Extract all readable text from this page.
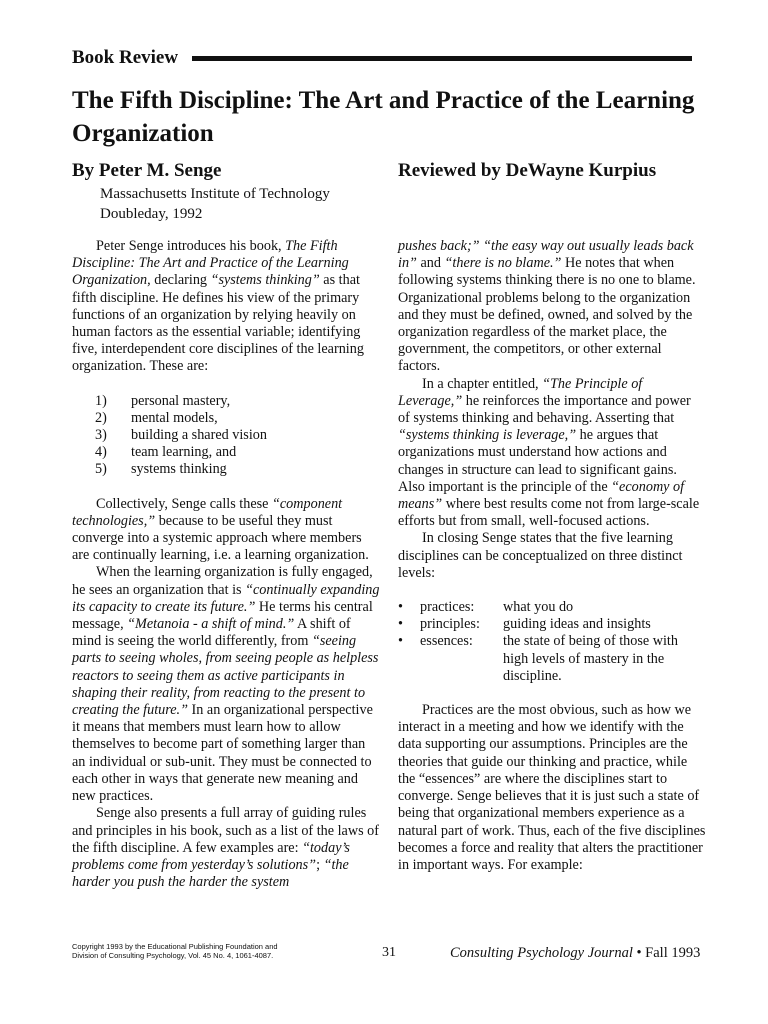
Book Review
The Fifth Discipline: The Art and Practice of the Learning Organization
By Peter M. Senge	Reviewed by DeWayne Kurpius
Massachusetts Institute of Technology
Doubleday, 1992

Peter Senge introduces his book, The Fifth Discipline: The Art and Practice of the Learning Organization, declaring “systems thinking” as that fifth discipline. He defines his view of the primary functions of an organization by relying heavily on human factors as the essential variable; identifying five, interdependent core disciplines of the learning organization. These are:

1)	personal mastery,
2)	mental models,
3)	building a shared vision
4)	team learning, and
5)	systems thinking

Collectively, Senge calls these “component technologies,” because to be useful they must converge into a systemic approach where members are continually learning, i.e. a learning organization.

When the learning organization is fully engaged, he sees an organization that is “continually expanding its capacity to create its future.” He terms his central message, “Metanoia - a shift of mind.” A shift of mind is seeing the world differently, from “seeing parts to seeing wholes, from seeing people as helpless reactors to seeing them as active participants in shaping their reality, from reacting to the present to creating the future.” In an organizational perspective it means that members must learn how to allow themselves to become part of something larger than an individual or sub-unit. They must be connected to each other in ways that generate new meaning and new practices.

Senge also presents a full array of guiding rules and principles in his book, such as a list of the laws of the fifth discipline. A few examples are: “today’s problems come from yesterday’s solutions”; “the harder you push the harder the system

pushes back;” “the easy way out usually leads back in” and “there is no blame.” He notes that when following systems thinking there is no one to blame. Organizational problems belong to the organization and they must be defined, owned, and solved by the organization regardless of the market place, the government, the competitors, or other external factors.

In a chapter entitled, “The Principle of Leverage,” he reinforces the importance and power of systems thinking and behaving. Asserting that “systems thinking is leverage,” he argues that organizations must understand how actions and changes in structure can lead to significant gains. Also important is the principle of the “economy of means” where best results come not from large-scale efforts but from small, well-focused actions.

In closing Senge states that the five learning disciplines can be conceptualized on three distinct levels:

•	practices:	what you do
•	principles:	guiding ideas and insights
•	essences:	the state of being of those with high levels of mastery in the discipline.

Practices are the most obvious, such as how we interact in a meeting and how we identify with the data supporting our assumptions. Principles are the theories that guide our thinking and practice, while the “essences” are where the disciplines start to converge. Senge believes that it is just such a state of being that organizational members experience as a natural part of work. Thus, each of the five disciplines becomes a force and reality that alters the practitioner in important ways. For example:

Copyright 1993 by the Educational Publishing Foundation and
Division of Consulting Psychology, Vol. 45 No. 4, 1061-4087.	31	Consulting Psychology Journal • Fall 1993
